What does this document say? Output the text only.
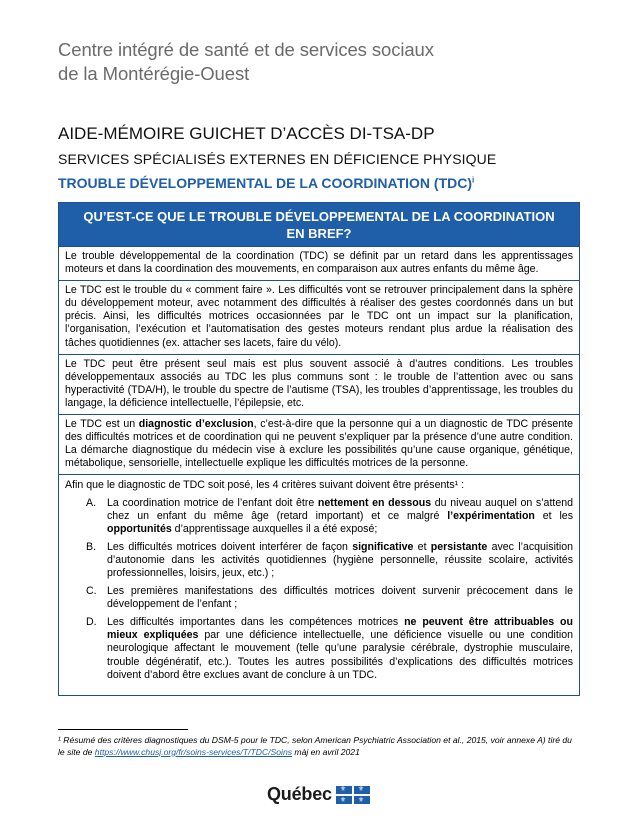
Centre intégré de santé et de services sociaux
de la Montérégie-Ouest
AIDE-MÉMOIRE GUICHET D’ACCÈS DI-TSA-DP
SERVICES SPÉCIALISÉS EXTERNES EN DÉFICIENCE PHYSIQUE
TROUBLE DÉVELOPPEMENTAL DE LA COORDINATION (TDC)$^i$
QU’EST-CE QUE LE TROUBLE DÉVELOPPEMENTAL DE LA COORDINATION EN BREF?
Le trouble développemental de la coordination (TDC) se définit par un retard dans les apprentissages moteurs et dans la coordination des mouvements, en comparaison aux autres enfants du même âge.
Le TDC est le trouble du « comment faire ». Les difficultés vont se retrouver principalement dans la sphère du développement moteur, avec notamment des difficultés à réaliser des gestes coordonnés dans un but précis. Ainsi, les difficultés motrices occasionnées par le TDC ont un impact sur la planification, l’organisation, l’exécution et l’automatisation des gestes moteurs rendant plus ardue la réalisation des tâches quotidiennes (ex. attacher ses lacets, faire du vélo).
Le TDC peut être présent seul mais est plus souvent associé à d’autres conditions. Les troubles développementaux associés au TDC les plus communs sont : le trouble de l’attention avec ou sans hyperactivité (TDA/H), le trouble du spectre de l’autisme (TSA), les troubles d’apprentissage, les troubles du langage, la déficience intellectuelle, l’épilepsie, etc.
Le TDC est un diagnostic d’exclusion, c’est-à-dire que la personne qui a un diagnostic de TDC présente des difficultés motrices et de coordination qui ne peuvent s’expliquer par la présence d’une autre condition. La démarche diagnostique du médecin vise à exclure les possibilités qu’une cause organique, génétique, métabolique, sensorielle, intellectuelle explique les difficultés motrices de la personne.
Afin que le diagnostic de TDC soit posé, les 4 critères suivant doivent être présents¹ :
A. La coordination motrice de l’enfant doit être nettement en dessous du niveau auquel on s’attend chez un enfant du même âge (retard important) et ce malgré l’expérimentation et les opportunités d’apprentissage auxquelles il a été exposé;
B. Les difficultés motrices doivent interférer de façon significative et persistante avec l’acquisition d’autonomie dans les activités quotidiennes (hygiène personnelle, réussite scolaire, activités professionnelles, loisirs, jeux, etc.) ;
C. Les premières manifestations des difficultés motrices doivent survenir précocement dans le développement de l’enfant ;
D. Les difficultés importantes dans les compétences motrices ne peuvent être attribuables ou mieux expliquées par une déficience intellectuelle, une déficience visuelle ou une condition neurologique affectant le mouvement (telle qu’une paralysie cérébrale, dystrophie musculaire, trouble dégénératif, etc.). Toutes les autres possibilités d’explications des difficultés motrices doivent d’abord être exclues avant de conclure à un TDC.
¹ Résumé des critères diagnostiques du DSM-5 pour le TDC, selon American Psychiatric Association et al., 2015, voir annexe A) tiré du le site de https://www.chusj.org/fr/soins-services/T/TDC/Soins màj en avril 2021
Québec ⚜ ⚜
⚜ ⚜
